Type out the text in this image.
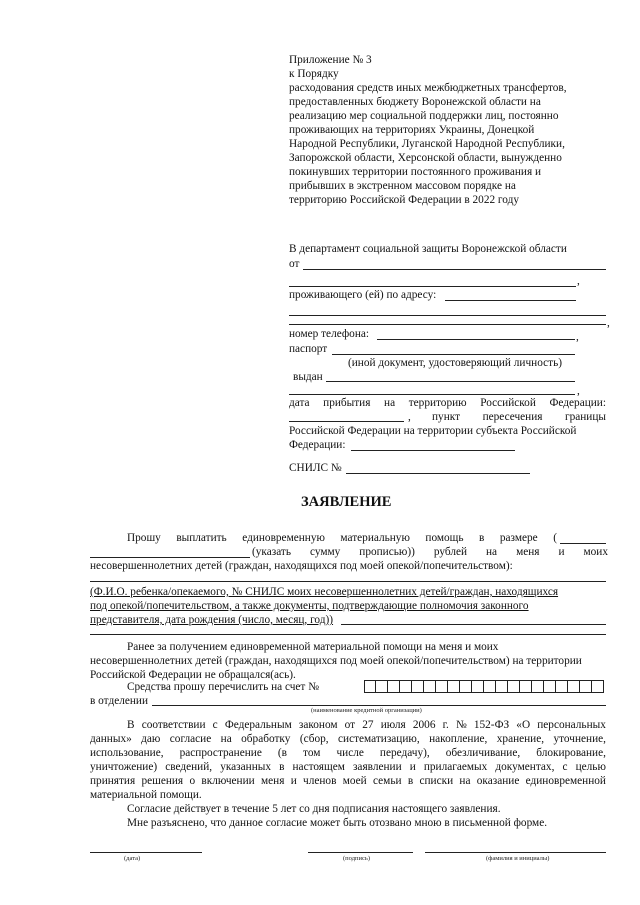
Приложение № 3
к Порядку
расходования средств иных межбюджетных трансфертов,
предоставленных бюджету Воронежской области на
реализацию мер социальной поддержки лиц, постоянно
проживающих на территориях Украины, Донецкой
Народной Республики, Луганской Народной Республики,
Запорожской области, Херсонской области, вынужденно
покинувших территории постоянного проживания и
прибывших в экстренном массовом порядке на
территорию Российской Федерации в 2022 году
В департамент социальной защиты Воронежской области
от
,
проживающего (ей) по адресу:
,
номер телефона:	,
паспорт
(иной документ, удостоверяющий личность)
выдан
,
дата прибытия на территорию Российской Федерации:
, пункт пересечения границы
Российской Федерации на территории субъекта Российской
Федерации:
СНИЛС №
ЗАЯВЛЕНИЕ
Прошу выплатить единовременную материальную помощь в размере (
(указать сумму прописью)) рублей на меня и моих
несовершеннолетних детей (граждан, находящихся под моей опекой/попечительством):
(Ф.И.О. ребенка/опекаемого, № СНИЛС моих несовершеннолетних детей/граждан, находящихся
под опекой/попечительством, а также документы, подтверждающие полномочия законного
представителя, дата рождения (число, месяц, год))
Ранее за получением единовременной материальной помощи на меня и моих
несовершеннолетних детей (граждан, находящихся под моей опекой/попечительством) на территории
Российской Федерации не обращался(ась).
Средства прошу перечислить на счет №
в отделении
(наименование кредитной организации)
В соответствии с Федеральным законом от 27 июля 2006 г. № 152-ФЗ «О персональных
данных» даю согласие на обработку (сбор, систематизацию, накопление, хранение, уточнение,
использование, распространение (в том числе передачу), обезличивание, блокирование,
уничтожение) сведений, указанных в настоящем заявлении и прилагаемых документах, с целью
принятия решения о включении меня и членов моей семьи в списки на оказание единовременной
материальной помощи.
Согласие действует в течение 5 лет со дня подписания настоящего заявления.
Мне разъяснено, что данное согласие может быть отозвано мною в письменной форме.
(дата)	(подпись)	(фамилия и инициалы)
